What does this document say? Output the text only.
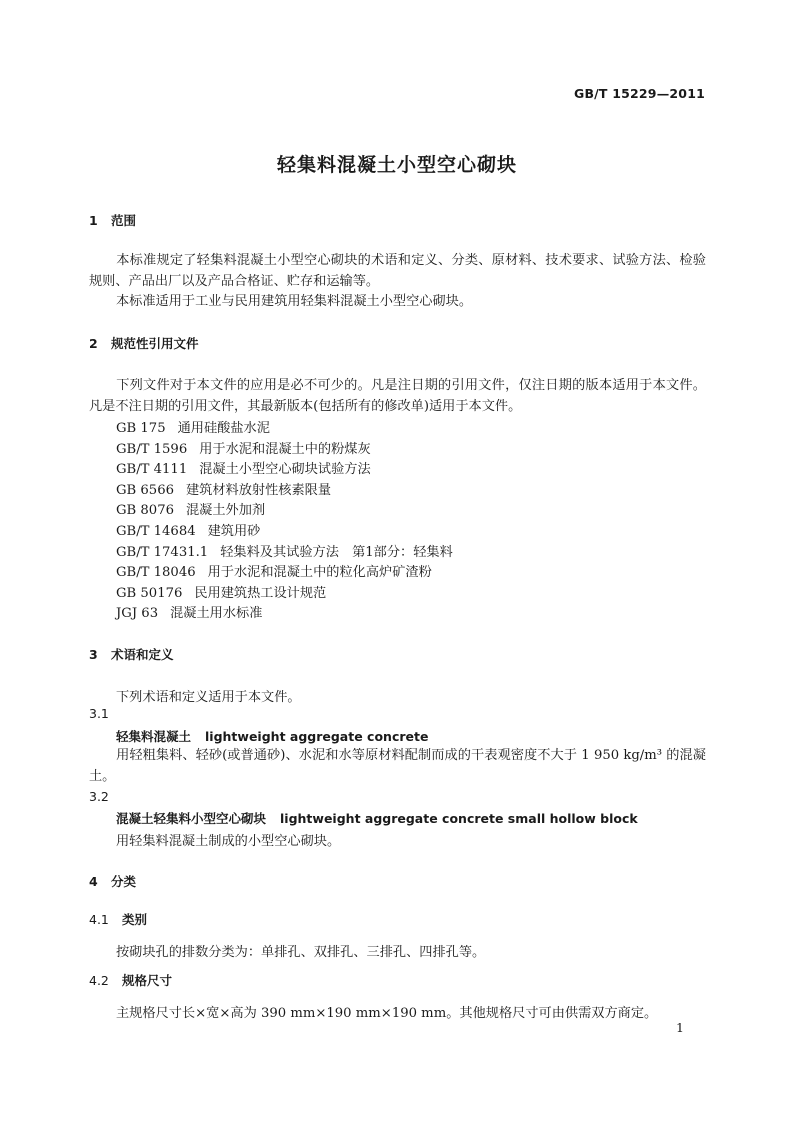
GB/T 15229—2011
轻集料混凝土小型空心砌块
1 范围
本标准规定了轻集料混凝土小型空心砌块的术语和定义、分类、原材料、技术要求、试验方法、检验规则、产品出厂以及产品合格证、贮存和运输等。
本标准适用于工业与民用建筑用轻集料混凝土小型空心砌块。
2 规范性引用文件
下列文件对于本文件的应用是必不可少的。凡是注日期的引用文件，仅注日期的版本适用于本文件。凡是不注日期的引用文件，其最新版本(包括所有的修改单)适用于本文件。
GB 175 通用硅酸盐水泥
GB/T 1596 用于水泥和混凝土中的粉煤灰
GB/T 4111 混凝土小型空心砌块试验方法
GB 6566 建筑材料放射性核素限量
GB 8076 混凝土外加剂
GB/T 14684 建筑用砂
GB/T 17431.1 轻集料及其试验方法　第1部分：轻集料
GB/T 18046 用于水泥和混凝土中的粒化高炉矿渣粉
GB 50176 民用建筑热工设计规范
JGJ 63 混凝土用水标准
3 术语和定义
下列术语和定义适用于本文件。
3.1
轻集料混凝土 lightweight aggregate concrete
用轻粗集料、轻砂(或普通砂)、水泥和水等原材料配制而成的干表观密度不大于 1 950 kg/m³ 的混凝土。
3.2
混凝土轻集料小型空心砌块 lightweight aggregate concrete small hollow block
用轻集料混凝土制成的小型空心砌块。
4 分类
4.1 类别
按砌块孔的排数分类为：单排孔、双排孔、三排孔、四排孔等。
4.2 规格尺寸
主规格尺寸长×宽×高为 390 mm×190 mm×190 mm。其他规格尺寸可由供需双方商定。
1
